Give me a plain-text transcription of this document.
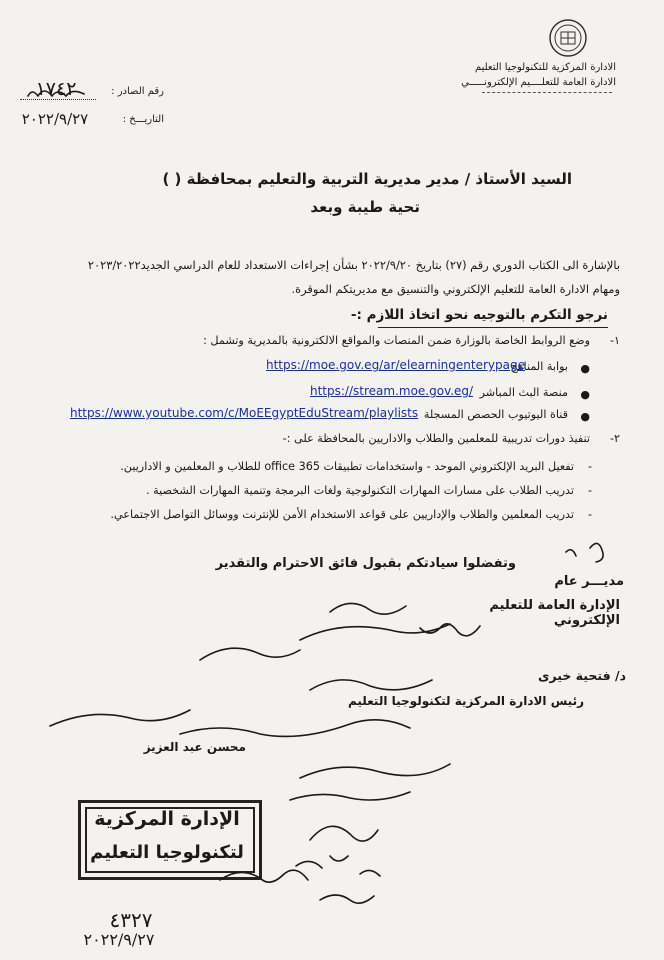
الادارة المركزية للتكنولوجيا التعليم
الادارة العامة للتعلــــيم الإلكترونـــــي
رقم الصادر :
١٧٤٢
التاريـــخ :
٢٠٢٢/٩/٢٧
السيد الأستاذ / مدير مديرية التربية والتعليم بمحافظة ( )
تحية طيبة وبعد
بالإشارة الى الكتاب الدوري رقم (٢٧) بتاريخ ٢٠٢٢/٩/٢٠ بشأن إجراءات الاستعداد للعام الدراسي الجديد٢٠٢٣/٢٠٢٢
ومهام الادارة العامة للتعليم الإلكتروني والتنسيق مع مديريتكم الموقرة.
نرجو التكرم بالتوجيه نحو اتخاذ اللازم :-
١-
وضع الروابط الخاصة بالوزارة ضمن المنصات والمواقع الالكترونية بالمديرية وتشمل :
●
بوابة المناهج
https://moe.gov.eg/ar/elearningenterypage
●
منصة البث المباشر
https://stream.moe.gov.eg/
●
قناة اليوتيوب الحصص المسجلة
https://www.youtube.com/c/MoEEgyptEduStream/playlists
٢-
تنفيذ دورات تدريبية للمعلمين والطلاب والاداريين بالمحافظة على :-
-
تفعيل البريد الإلكتروني الموحد - واستخدامات تطبيقات office 365 للطلاب و المعلمين و الاداريين.
-
تدريب الطلاب على مسارات المهارات التكنولوجية ولغات البرمجة وتنمية المهارات الشخصية .
-
تدريب المعلمين والطلاب والإداريين على قواعد الاستخدام الأمن للإنترنت ووسائل التواصل الاجتماعي.
وتفضلوا سيادتكم بقبول فائق الاحترام والتقدير
مديـــر عام
الإدارة العامة للتعليم الإلكتروني
د/ فتحية خيرى
رئيس الادارة المركزية لتكنولوجيا التعليم
محسن عبد العزيز
الإدارة المركزية
لتكنولوجيا التعليم
٤٣٢٧
٢٠٢٢/٩/٢٧
